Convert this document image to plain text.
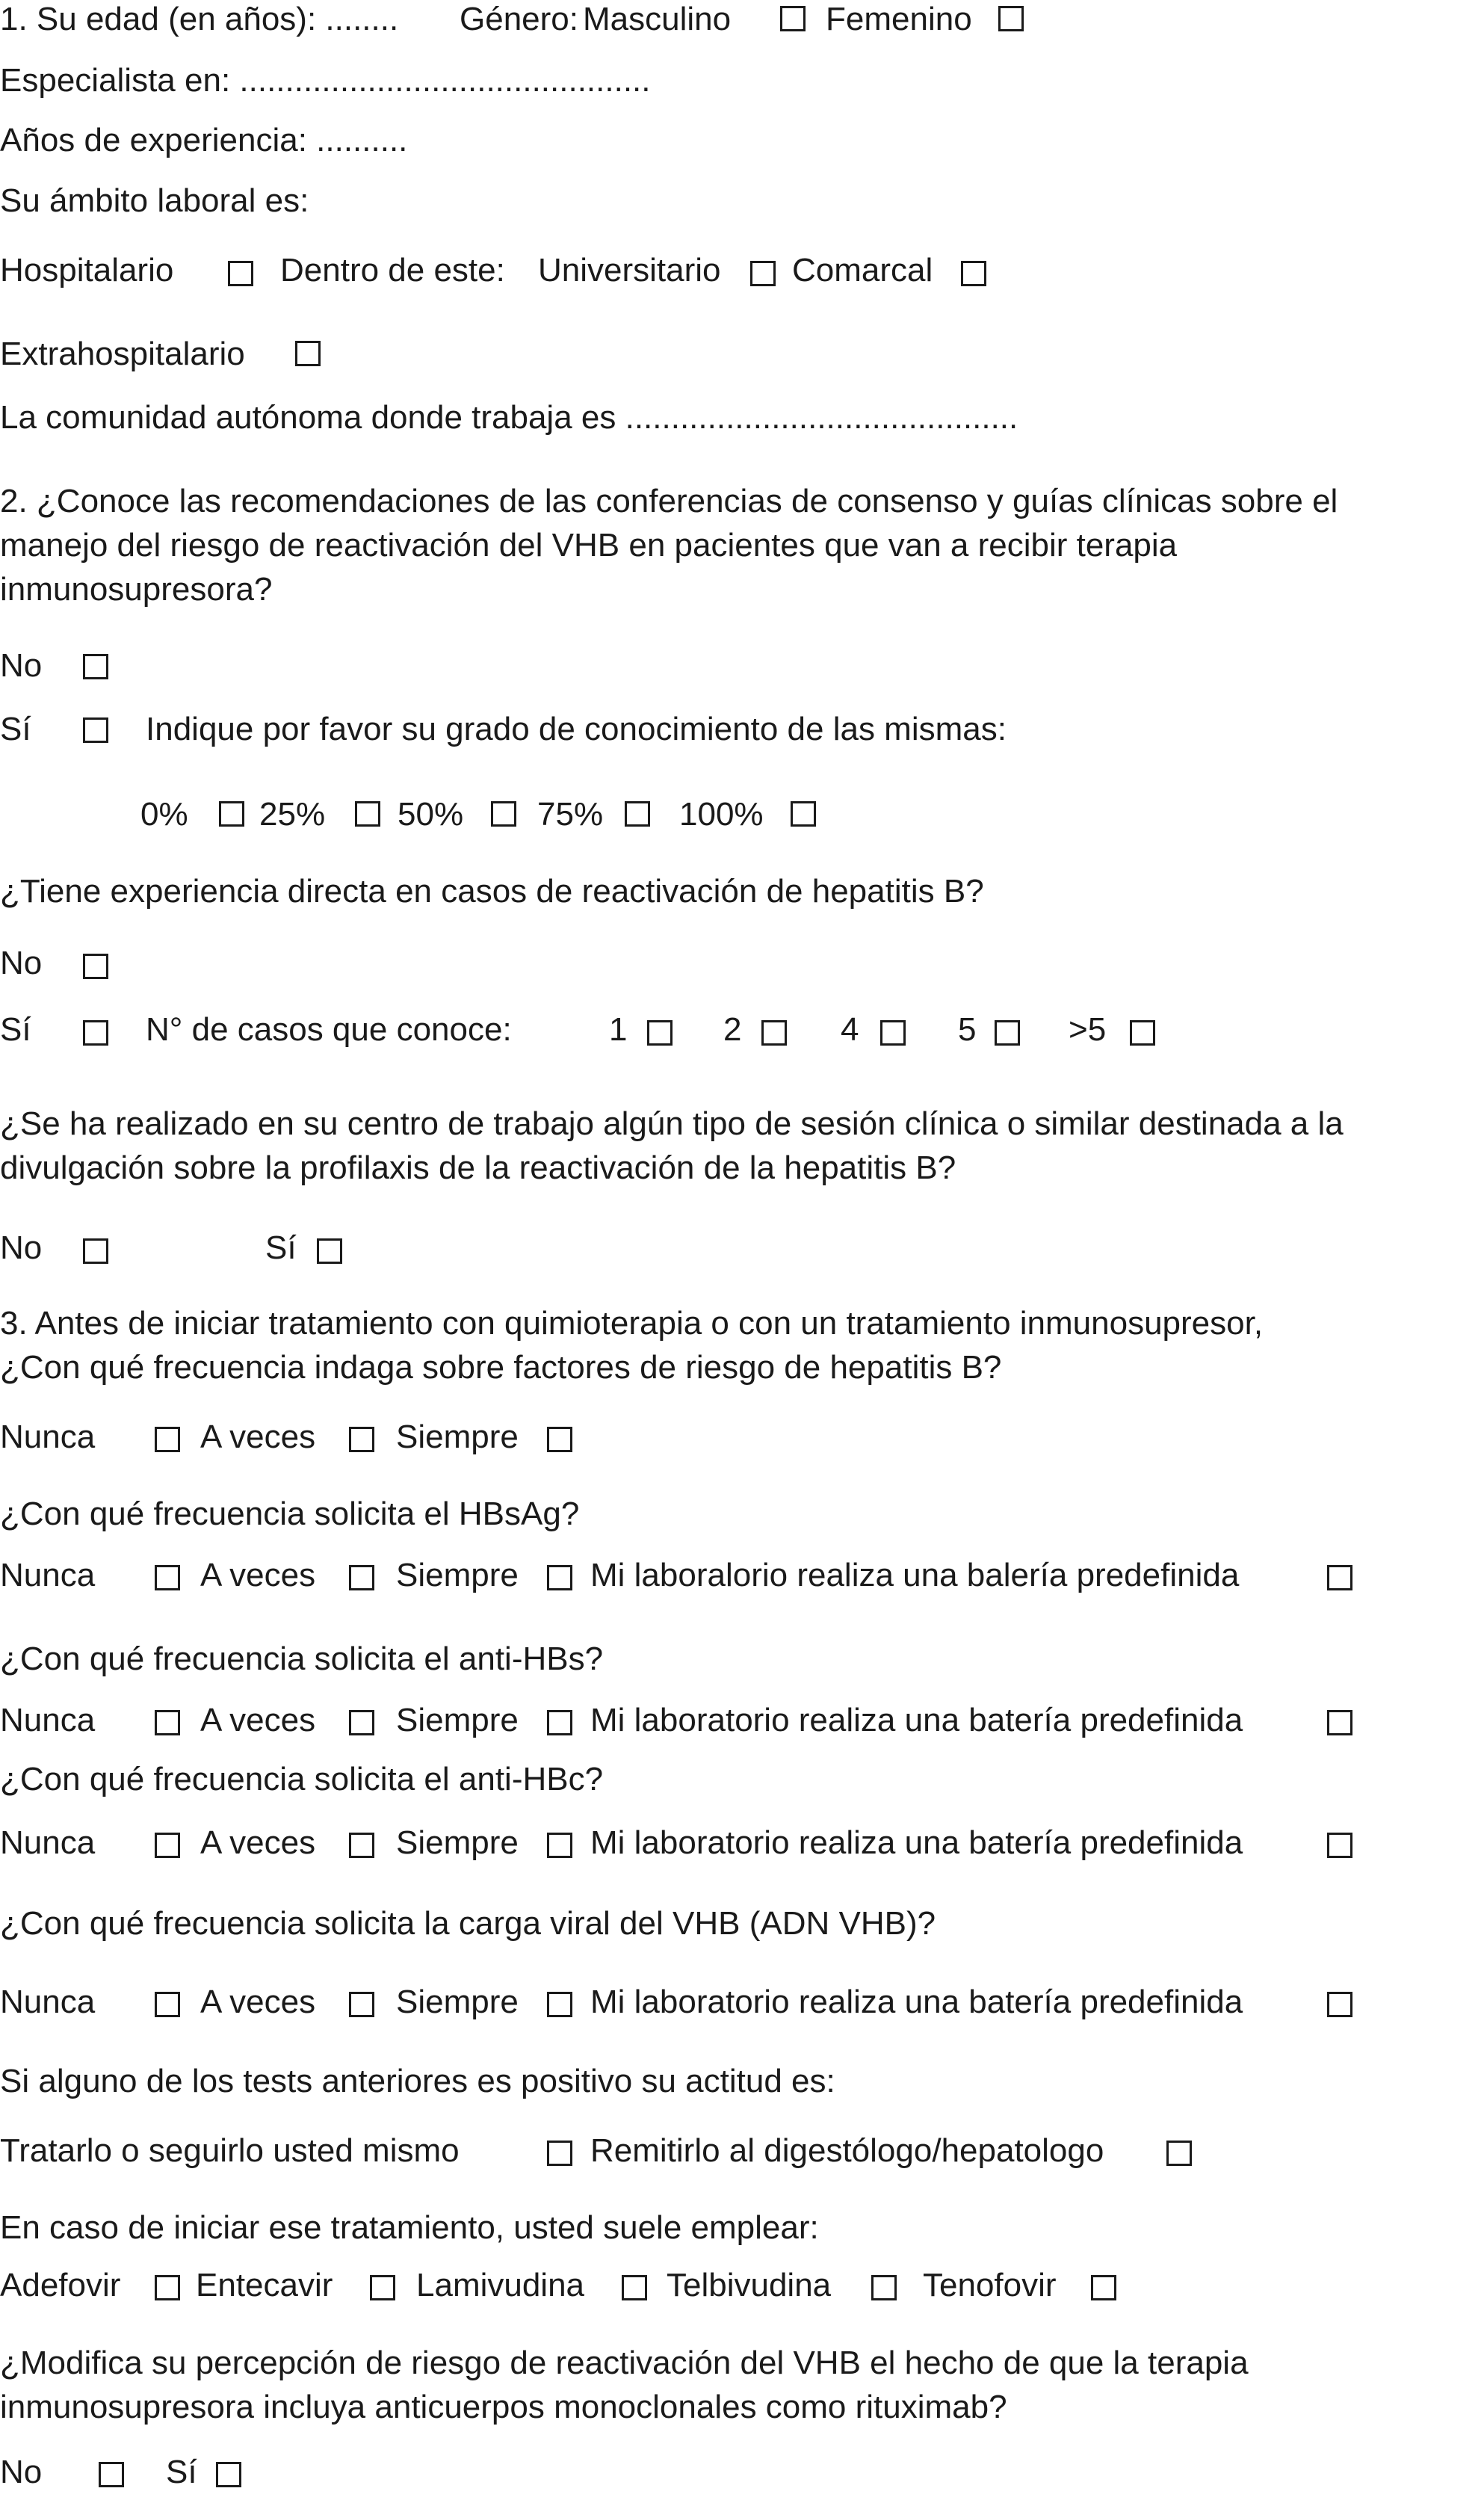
1. Su edad (en años): ........ Género: Masculino	Femenino
Especialista en: .............................................
Años de experiencia: ..........
Su ámbito laboral es:
Hospitalario	Dentro de este: Universitario Comarcal
Extrahospitalario
La comunidad autónoma donde trabaja es ...........................................
2. ¿Conoce las recomendaciones de las conferencias de consenso y guías clínicas sobre el
manejo del riesgo de reactivación del VHB en pacientes que van a recibir terapia
inmunosupresora?
No
Sí	Indique por favor su grado de conocimiento de las mismas:
0% 25% 50% 75% 100%
¿Tiene experiencia directa en casos de reactivación de hepatitis B?
No
Sí	N° de casos que conoce:	1	2	4	5	>5
¿Se ha realizado en su centro de trabajo algún tipo de sesión clínica o similar destinada a la
divulgación sobre la profilaxis de la reactivación de la hepatitis B?
No	Sí
3. Antes de iniciar tratamiento con quimioterapia o con un tratamiento inmunosupresor,
¿Con qué frecuencia indaga sobre factores de riesgo de hepatitis B?
Nunca	A veces Siempre
¿Con qué frecuencia solicita el HBsAg?
Nunca	A veces Siempre Mi laboralorio realiza una balería predefinida
¿Con qué frecuencia solicita el anti-HBs?
Nunca	A veces Siempre Mi laboratorio realiza una batería predefinida
¿Con qué frecuencia solicita el anti-HBc?
Nunca	A veces Siempre Mi laboratorio realiza una batería predefinida
¿Con qué frecuencia solicita la carga viral del VHB (ADN VHB)?
Nunca	A veces Siempre Mi laboratorio realiza una batería predefinida
Si alguno de los tests anteriores es positivo su actitud es:
Tratarlo o seguirlo usted mismo	Remitirlo al digestólogo/hepatologo
En caso de iniciar ese tratamiento, usted suele emplear:
Adefovir Entecavir	Lamivudina Telbivudina	Tenofovir
¿Modifica su percepción de riesgo de reactivación del VHB el hecho de que la terapia
inmunosupresora incluya anticuerpos monoclonales como rituximab?
No	Sí
